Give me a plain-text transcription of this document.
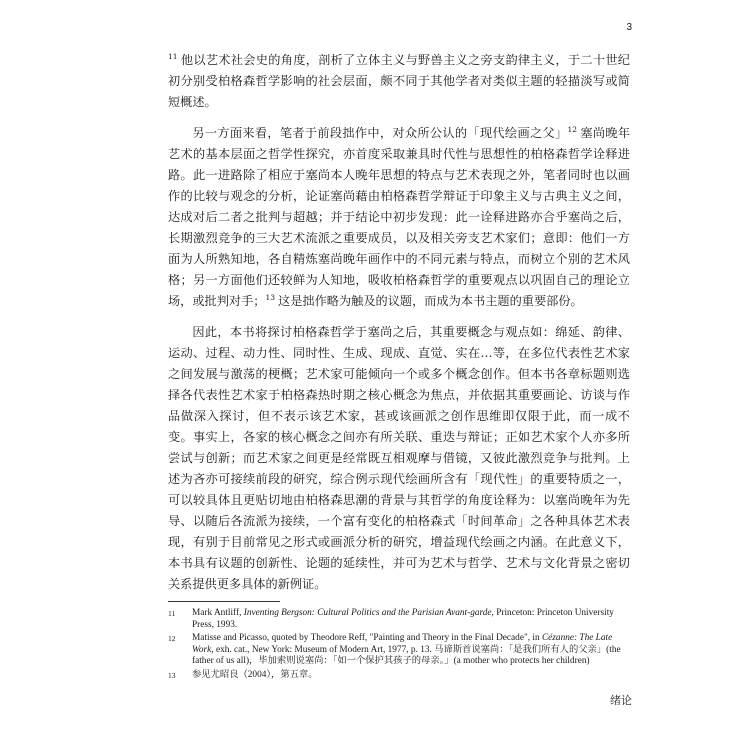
3

$^{11}$ 他以艺术社会史的角度，剖析了立体主义与野兽主义之旁支韵律主义，于二十世纪初分别受柏格森哲学影响的社会层面，颇不同于其他学者对类似主题的轻描淡写或简短概述。

另一方面来看，笔者于前段拙作中，对众所公认的「现代绘画之父」$^{12}$ 塞尚晚年艺术的基本层面之哲学性探究，亦首度采取兼具时代性与思想性的柏格森哲学诠释进路。此一进路除了相应于塞尚本人晚年思想的特点与艺术表现之外，笔者同时也以画作的比较与观念的分析，论证塞尚藉由柏格森哲学辩证于印象主义与古典主义之间，达成对后二者之批判与超越；并于结论中初步发现：此一诠释进路亦合乎塞尚之后，长期激烈竞争的三大艺术流派之重要成员，以及相关旁支艺术家们；意即：他们一方面为人所熟知地，各自精炼塞尚晚年画作中的不同元素与特点，而树立个别的艺术风格；另一方面他们还较鲜为人知地，吸收柏格森哲学的重要观点以巩固自己的理论立场，或批判对手；$^{13}$ 这是拙作略为触及的议题，而成为本书主题的重要部份。

因此，本书将探讨柏格森哲学于塞尚之后，其重要概念与观点如：绵延、韵律、运动、过程、动力性、同时性、生成、现成、直觉、实在…等，在多位代表性艺术家之间发展与激荡的梗概；艺术家可能倾向一个或多个概念创作。但本书各章标题则选择各代表性艺术家于柏格森热时期之核心概念为焦点，并依据其重要画论、访谈与作品做深入探讨，但不表示该艺术家，甚或该画派之创作思维即仅限于此，而一成不变。事实上，各家的核心概念之间亦有所关联、重迭与辩证；正如艺术家个人亦多所尝试与创新；而艺术家之间更是经常既互相观摩与借镜，又彼此激烈竞争与批判。上述为吝亦可接续前段的研究，综合例示现代绘画所含有「现代性」的重要特质之一，可以较具体且更贴切地由柏格森思潮的背景与其哲学的角度诠释为：以塞尚晚年为先导、以随后各流派为接续，一个富有变化的柏格森式「时间革命」之各种具体艺术表现，有别于目前常见之形式或画派分析的研究，增益现代绘画之内涵。在此意义下，本书具有议题的创新性、论题的延续性，并可为艺术与哲学、艺术与文化背景之密切关系提供更多具体的新例证。

11	Mark Antliff, Inventing Bergson: Cultural Politics and the Parisian Avant-garde, Princeton: Princeton University Press, 1993.
12	Matisse and Picasso, quoted by Theodore Reff, "Painting and Theory in the Final Decade", in Cézanne: The Late Work, exh. cat., New York: Museum of Modern Art, 1977, p. 13. 马谛斯首说塞尚：「是我们所有人的父亲」(the father of us all)，毕加索则说塞尚：「如一个保护其孩子的母亲。」(a mother who protects her children)
13	参见尤昭良（2004），第五章。
绪论
